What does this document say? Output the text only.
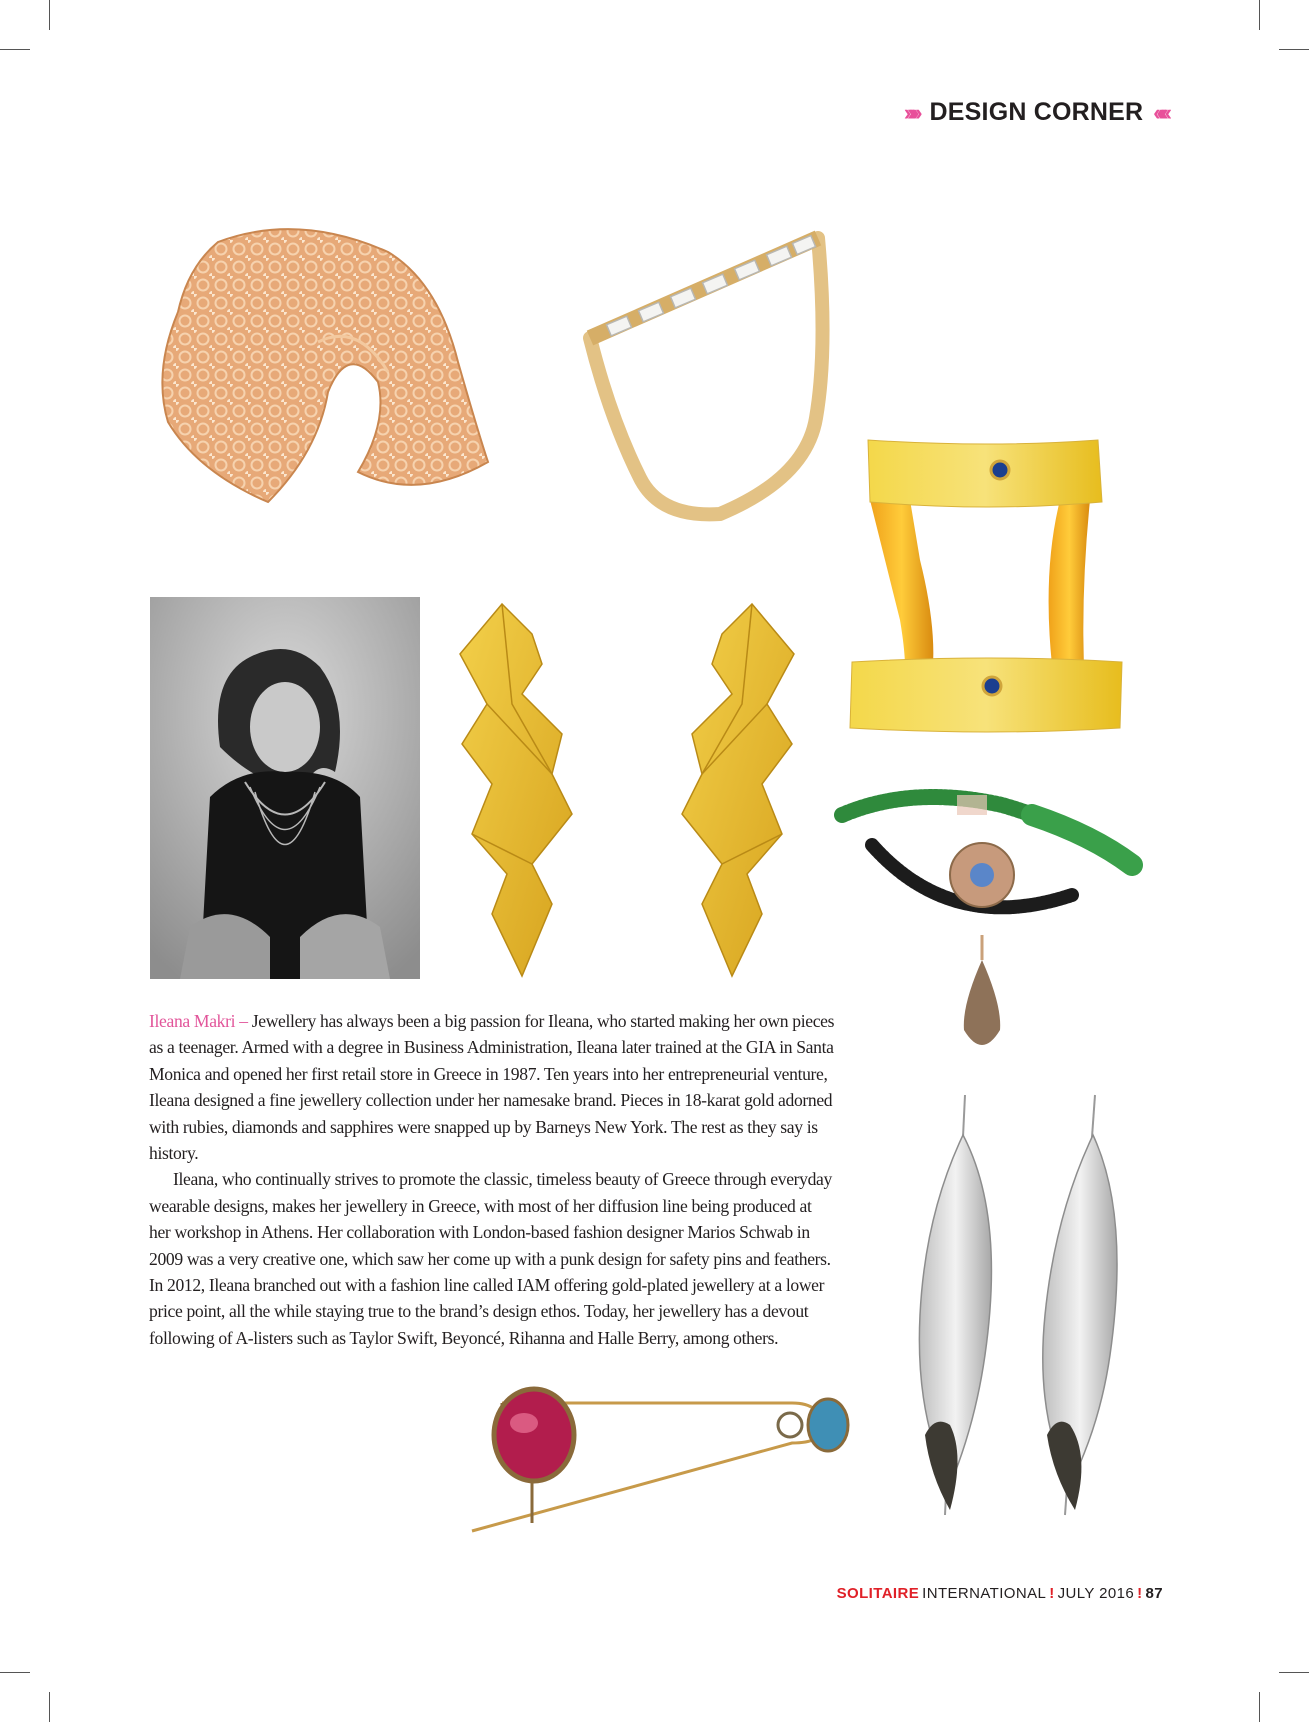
»»» DESIGN CORNER «««

Ileana Makri – Jewellery has always been a big passion for Ileana, who started making her own pieces as a teenager. Armed with a degree in Business Administration, Ileana later trained at the GIA in Santa Monica and opened her first retail store in Greece in 1987. Ten years into her entrepreneurial venture, Ileana designed a fine jewellery collection under her namesake brand. Pieces in 18-karat gold adorned with rubies, diamonds and sapphires were snapped up by Barneys New York. The rest as they say is history.

Ileana, who continually strives to promote the classic, timeless beauty of Greece through everyday wearable designs, makes her jewellery in Greece, with most of her diffusion line being produced at her workshop in Athens. Her collaboration with London-based fashion designer Marios Schwab in 2009 was a very creative one, which saw her come up with a punk design for safety pins and feathers. In 2012, Ileana branched out with a fashion line called IAM offering gold-plated jewellery at a lower price point, all the while staying true to the brand’s design ethos. Today, her jewellery has a devout following of A-listers such as Taylor Swift, Beyoncé, Rihanna and Halle Berry, among others.

SOLITAIRE INTERNATIONAL ! JULY 2016 ! 87
